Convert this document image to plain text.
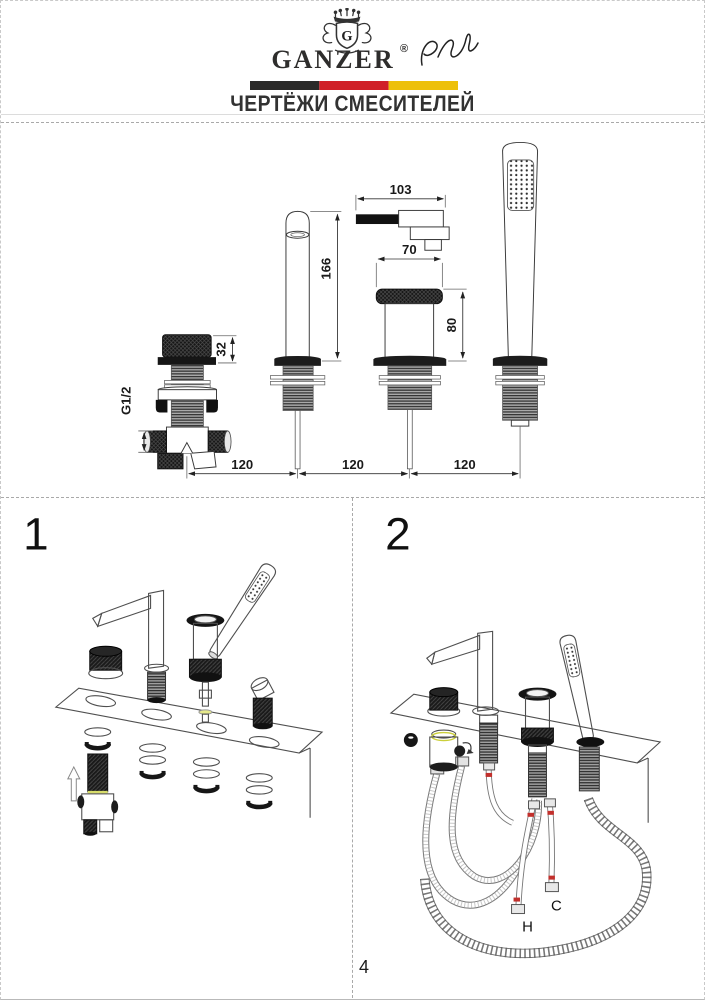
G
GANZER ®
ЧЕРТЁЖИ СМЕСИТЕЛЕЙ
32
G1/2
166
103
70
80
120	120	120
1	2
H
C
4
